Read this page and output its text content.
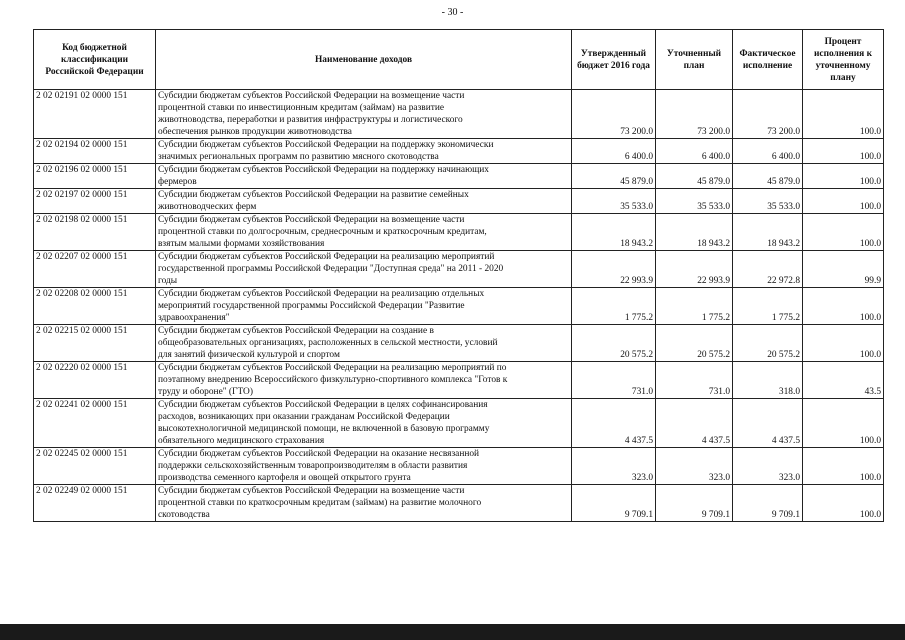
- 30 -
Код бюджетной классификации Российской Федерации	Наименование доходов	Утвержденный бюджет 2016 года	Уточненный план	Фактическое исполнение	Процент исполнения к уточненному плану
2 02 02191 02 0000 151	Субсидии бюджетам субъектов Российской Федерации на возмещение части
процентной ставки по инвестиционным кредитам (займам) на развитие
животноводства, переработки и развития инфраструктуры и логистического
обеспечения рынков продукции животноводства	73 200.0	73 200.0	73 200.0	100.0
2 02 02194 02 0000 151	Субсидии бюджетам субъектов Российской Федерации на поддержку экономически
значимых региональных программ по развитию мясного скотоводства	6 400.0	6 400.0	6 400.0	100.0
2 02 02196 02 0000 151	Субсидии бюджетам субъектов Российской Федерации на поддержку начинающих
фермеров	45 879.0	45 879.0	45 879.0	100.0
2 02 02197 02 0000 151	Субсидии бюджетам субъектов Российской Федерации на развитие семейных
животноводческих ферм	35 533.0	35 533.0	35 533.0	100.0
2 02 02198 02 0000 151	Субсидии бюджетам субъектов Российской Федерации на возмещение части
процентной ставки по долгосрочным, среднесрочным и краткосрочным кредитам,
взятым малыми формами хозяйствования	18 943.2	18 943.2	18 943.2	100.0
2 02 02207 02 0000 151	Субсидии бюджетам субъектов Российской Федерации на реализацию мероприятий
государственной программы Российской Федерации "Доступная среда" на 2011 - 2020
годы	22 993.9	22 993.9	22 972.8	99.9
2 02 02208 02 0000 151	Субсидии бюджетам субъектов Российской Федерации на реализацию отдельных
мероприятий государственной программы Российской Федерации "Развитие
здравоохранения"	1 775.2	1 775.2	1 775.2	100.0
2 02 02215 02 0000 151	Субсидии бюджетам субъектов Российской Федерации на создание в
общеобразовательных организациях, расположенных в сельской местности, условий
для занятий физической культурой и спортом	20 575.2	20 575.2	20 575.2	100.0
2 02 02220 02 0000 151	Субсидии бюджетам субъектов Российской Федерации на реализацию мероприятий по
поэтапному внедрению Всероссийского физкультурно-спортивного комплекса "Готов к
труду и обороне" (ГТО)	731.0	731.0	318.0	43.5
2 02 02241 02 0000 151	Субсидии бюджетам субъектов Российской Федерации в целях софинансирования
расходов, возникающих при оказании гражданам Российской Федерации
высокотехнологичной медицинской помощи, не включенной в базовую программу
обязательного медицинского страхования	4 437.5	4 437.5	4 437.5	100.0
2 02 02245 02 0000 151	Субсидии бюджетам субъектов Российской Федерации на оказание несвязанной
поддержки сельскохозяйственным товаропроизводителям в области развития
производства семенного картофеля и овощей открытого грунта	323.0	323.0	323.0	100.0
2 02 02249 02 0000 151	Субсидии бюджетам субъектов Российской Федерации на возмещение части
процентной ставки по краткосрочным кредитам (займам) на развитие молочного
скотоводства	9 709.1	9 709.1	9 709.1	100.0
